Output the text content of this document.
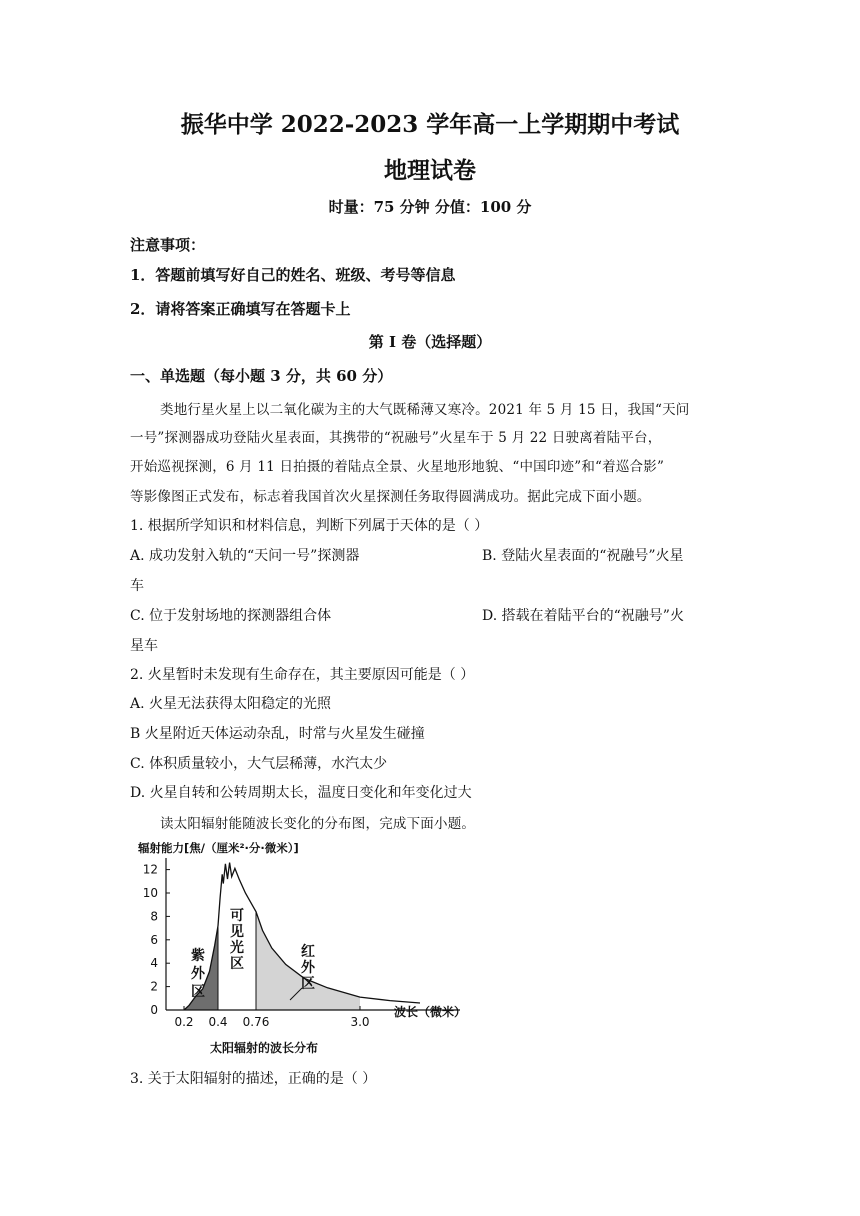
振华中学 2022-2023 学年高一上学期期中考试
地理试卷
时量：75 分钟 分值：100 分
注意事项：
1．答题前填写好自己的姓名、班级、考号等信息
2．请将答案正确填写在答题卡上
第 I 卷（选择题）
一、单选题（每小题 3 分，共 60 分）
类地行星火星上以二氧化碳为主的大气既稀薄又寒冷。2021 年 5 月 15 日，我国“天问
一号”探测器成功登陆火星表面，其携带的“祝融号”火星车于 5 月 22 日驶离着陆平台，
开始巡视探测，6 月 11 日拍摄的着陆点全景、火星地形地貌、“中国印迹”和“着巡合影”
等影像图正式发布，标志着我国首次火星探测任务取得圆满成功。据此完成下面小题。
1. 根据所学知识和材料信息，判断下列属于天体的是（ ）
A. 成功发射入轨的“天问一号”探测器	B. 登陆火星表面的“祝融号”火星
车
C. 位于发射场地的探测器组合体	D. 搭载在着陆平台的“祝融号”火
星车
2. 火星暂时未发现有生命存在，其主要原因可能是（ ）
A. 火星无法获得太阳稳定的光照
B 火星附近天体运动杂乱，时常与火星发生碰撞
C. 体积质量较小，大气层稀薄，水汽太少
D. 火星自转和公转周期太长，温度日变化和年变化过大
读太阳辐射能随波长变化的分布图，完成下面小题。
辐射能力[焦/（厘米²·分·微米）]
0
2
4
6
8
10
12
0.2 0.4 0.76	3.0
紫
外
区
可
见
光
区
红
外
区
波长（微米）
太阳辐射的波长分布
3. 关于太阳辐射的描述，正确的是（ ）
